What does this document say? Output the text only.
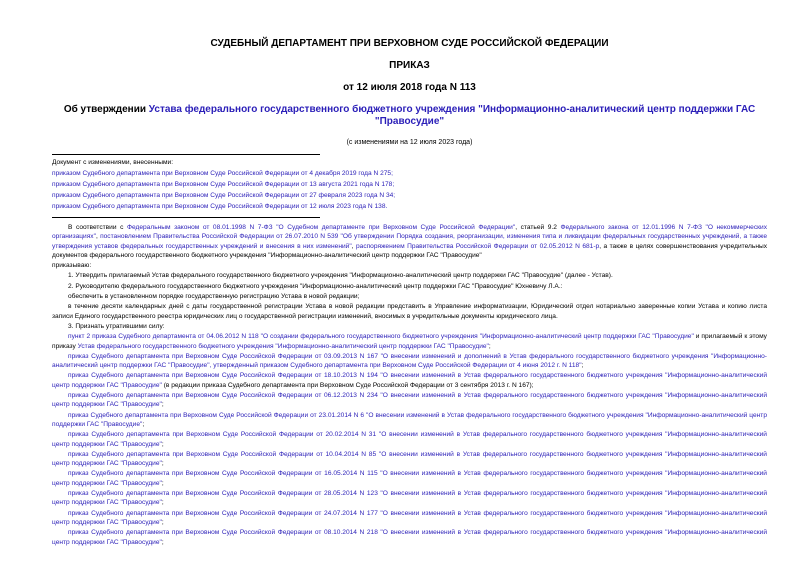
СУДЕБНЫЙ ДЕПАРТАМЕНТ ПРИ ВЕРХОВНОМ СУДЕ РОССИЙСКОЙ ФЕДЕРАЦИИ
ПРИКАЗ
от 12 июля 2018 года N 113
Об утверждении Устава федерального государственного бюджетного учреждения "Информационно-аналитический центр поддержки ГАС "Правосудие"
(с изменениями на 12 июля 2023 года)
Документ с изменениями, внесенными:
приказом Судебного департамента при Верховном Суде Российской Федерации от 4 декабря 2019 года N 275;
приказом Судебного департамента при Верховном Суде Российской Федерации от 13 августа 2021 года N 178;
приказом Судебного департамента при Верховном Суде Российской Федерации от 27 февраля 2023 года N 34;
приказом Судебного департамента при Верховном Суде Российской Федерации от 12 июля 2023 года N 138.

В соответствии с Федеральным законом от 08.01.1998 N 7-ФЗ "О Судебном департаменте при Верховном Суде Российской Федерации", статьей 9.2 Федерального закона от 12.01.1996 N 7-ФЗ "О некоммерческих организациях", постановлением Правительства Российской Федерации от 26.07.2010 N 539 "Об утверждении Порядка создания, реорганизации, изменения типа и ликвидации федеральных государственных учреждений, а также утверждения уставов федеральных государственных учреждений и внесения в них изменений", распоряжением Правительства Российской Федерации от 02.05.2012 N 681-р, а также в целях совершенствования учредительных документов федерального государственного бюджетного учреждения "Информационно-аналитический центр поддержки ГАС "Правосудие"

приказываю:

1. Утвердить прилагаемый Устав федерального государственного бюджетного учреждения "Информационно-аналитический центр поддержки ГАС "Правосудие" (далее - Устав).

2. Руководителю федерального государственного бюджетного учреждения "Информационно-аналитический центр поддержки ГАС "Правосудие" Юхневичу Л.А.:

обеспечить в установленном порядке государственную регистрацию Устава в новой редакции;

в течение десяти календарных дней с даты государственной регистрации Устава в новой редакции представить в Управление информатизации, Юридический отдел нотариально заверенные копии Устава и копию листа записи Единого государственного реестра юридических лиц о государственной регистрации изменений, вносимых в учредительные документы юридического лица.

3. Признать утратившими силу:

пункт 2 приказа Судебного департамента от 04.06.2012 N 118 "О создании федерального государственного бюджетного учреждения "Информационно-аналитический центр поддержки ГАС "Правосудие" и прилагаемый к этому приказу Устав федерального государственного бюджетного учреждения "Информационно-аналитический центр поддержки ГАС "Правосудие";

приказ Судебного департамента при Верховном Суде Российской Федерации от 03.09.2013 N 167 "О внесении изменений и дополнений в Устав федерального государственного бюджетного учреждения "Информационно-аналитический центр поддержки ГАС "Правосудие", утвержденный приказом Судебного департамента при Верховном Суде Российской Федерации от 4 июня 2012 г. N 118";

приказ Судебного департамента при Верховном Суде Российской Федерации от 18.10.2013 N 194 "О внесении изменений в Устав федерального государственного бюджетного учреждения "Информационно-аналитический центр поддержки ГАС "Правосудие" (в редакции приказа Судебного департамента при Верховном Суде Российской Федерации от 3 сентября 2013 г. N 167);

приказ Судебного департамента при Верховном Суде Российской Федерации от 06.12.2013 N 234 "О внесении изменений в Устав федерального государственного бюджетного учреждения "Информационно-аналитический центр поддержки ГАС "Правосудие";

приказ Судебного департамента при Верховном Суде Российской Федерации от 23.01.2014 N 6 "О внесении изменений в Устав федерального государственного бюджетного учреждения "Информационно-аналитический центр поддержки ГАС "Правосудие";

приказ Судебного департамента при Верховном Суде Российской Федерации от 20.02.2014 N 31 "О внесении изменений в Устав федерального государственного бюджетного учреждения "Информационно-аналитический центр поддержки ГАС "Правосудие";

приказ Судебного департамента при Верховном Суде Российской Федерации от 10.04.2014 N 85 "О внесении изменений в Устав федерального государственного бюджетного учреждения "Информационно-аналитический центр поддержки ГАС "Правосудие";

приказ Судебного департамента при Верховном Суде Российской Федерации от 16.05.2014 N 115 "О внесении изменений в Устав федерального государственного бюджетного учреждения "Информационно-аналитический центр поддержки ГАС "Правосудие";

приказ Судебного департамента при Верховном Суде Российской Федерации от 28.05.2014 N 123 "О внесении изменений в Устав федерального государственного бюджетного учреждения "Информационно-аналитический центр поддержки ГАС "Правосудие";

приказ Судебного департамента при Верховном Суде Российской Федерации от 24.07.2014 N 177 "О внесении изменений в Устав федерального государственного бюджетного учреждения "Информационно-аналитический центр поддержки ГАС "Правосудие";

приказ Судебного департамента при Верховном Суде Российской Федерации от 08.10.2014 N 218 "О внесении изменений в Устав федерального государственного бюджетного учреждения "Информационно-аналитический центр поддержки ГАС "Правосудие";
